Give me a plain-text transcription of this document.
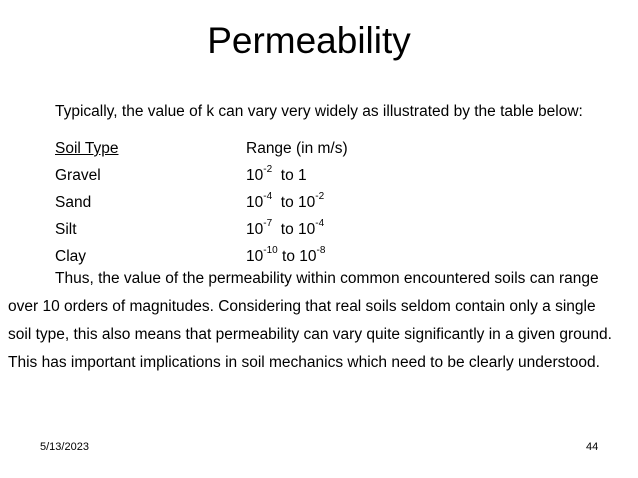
Permeability
Typically, the value of k can vary very widely as illustrated by the table below:
Soil Type	Range (in m/s)
Gravel	$10^{-2}$ to 1
Sand	$10^{-4}$ to $10^{-2}$
Silt	$10^{-7}$ to $10^{-4}$
Clay	$10^{-10}$ to $10^{-8}$
Thus, the value of the permeability within common encountered soils can range
over 10 orders of magnitudes. Considering that real soils seldom contain only a single
soil type, this also means that permeability can vary quite significantly in a given ground.
This has important implications in soil mechanics which need to be clearly understood.
5/13/2023	44
